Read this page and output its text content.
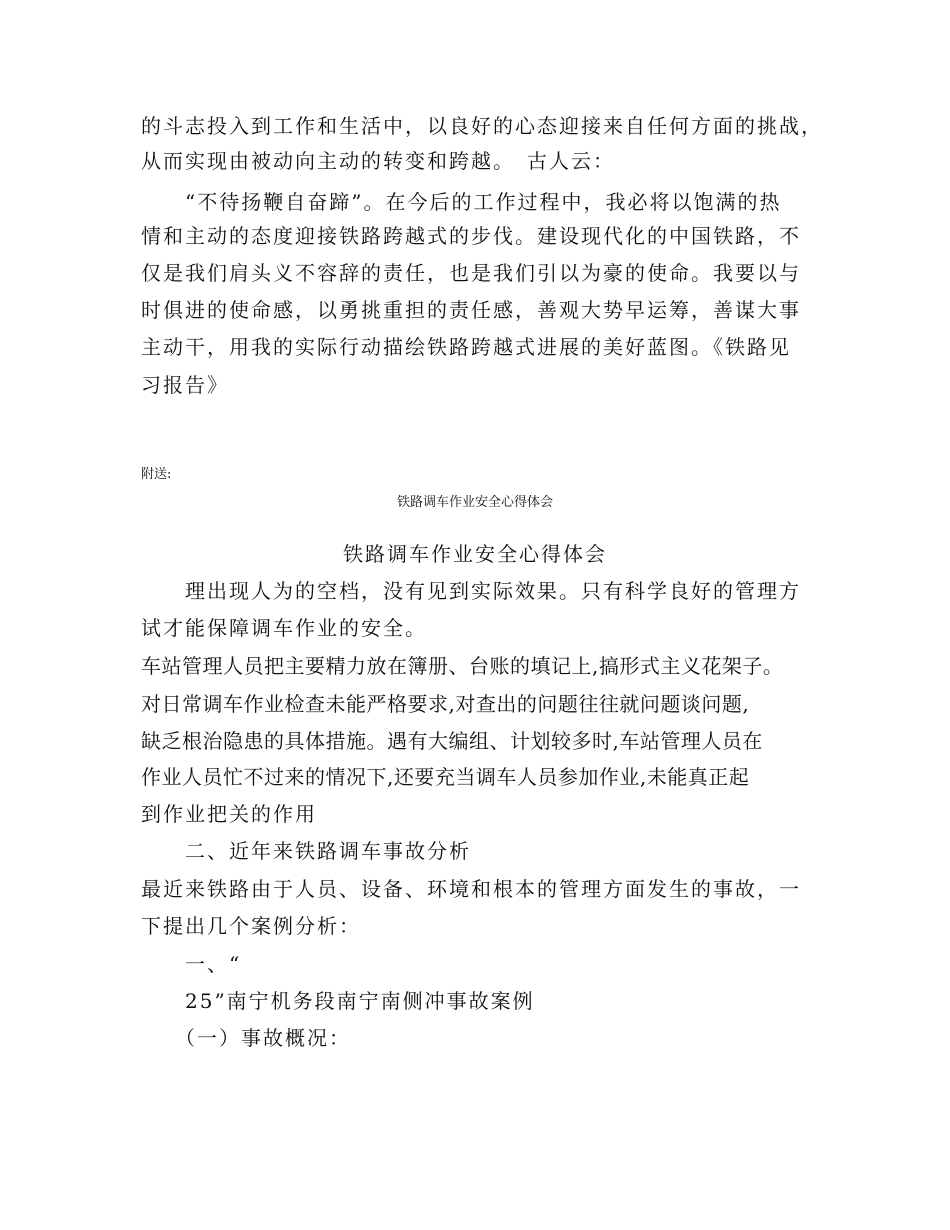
的斗志投入到工作和生活中，以良好的心态迎接来自任何方面的挑战，
从而实现由被动向主动的转变和跨越。　古人云：
　　“不待扬鞭自奋蹄”。在今后的工作过程中，我必将以饱满的热
情和主动的态度迎接铁路跨越式的步伐。建设现代化的中国铁路，不
仅是我们肩头义不容辞的责任，也是我们引以为豪的使命。我要以与
时俱进的使命感，以勇挑重担的责任感，善观大势早运筹，善谋大事
主动干，用我的实际行动描绘铁路跨越式进展的美好蓝图。《铁路见
习报告》
附送:
铁路调车作业安全心得体会
铁路调车作业安全心得体会
　　理出现人为的空档，没有见到实际效果。只有科学良好的管理方
试才能保障调车作业的安全。
车站管理人员把主要精力放在簿册、台账的填记上,搞形式主义花架子。
对日常调车作业检查未能严格要求,对查出的问题往往就问题谈问题,
缺乏根治隐患的具体措施。遇有大编组、计划较多时,车站管理人员在
作业人员忙不过来的情况下,还要充当调车人员参加作业,未能真正起
到作业把关的作用
　　二、近年来铁路调车事故分析
最近来铁路由于人员、设备、环境和根本的管理方面发生的事故，一
下提出几个案例分析：
　　一、“
　　25”南宁机务段南宁南侧冲事故案例
　　（一）事故概况：
